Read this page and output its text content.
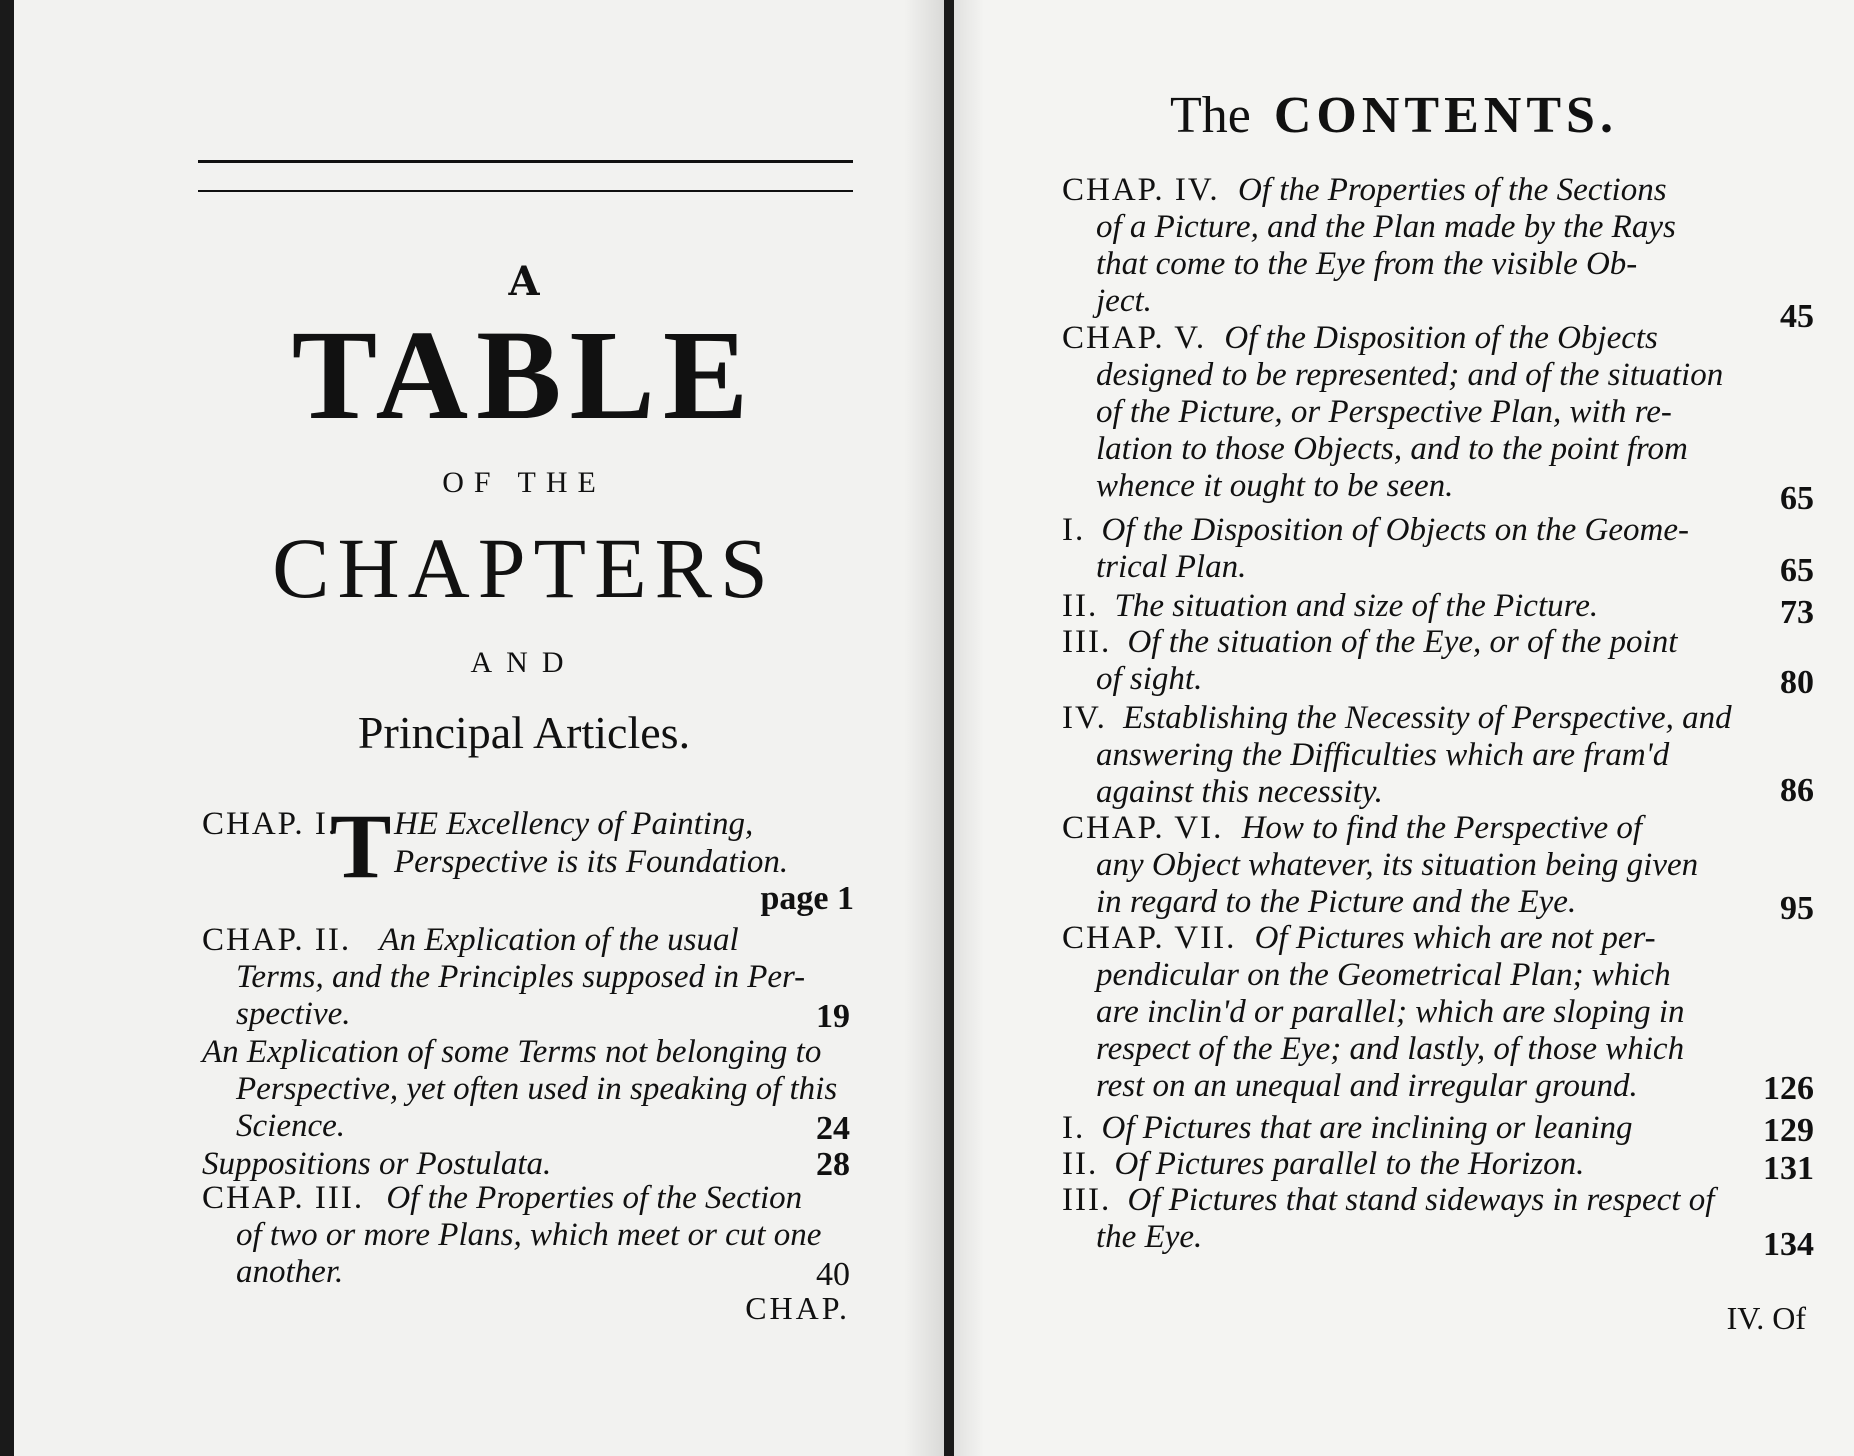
A
TABLE
OF THE
CHAPTERS
AND
Principal Articles.
CHAP. I.
T HE Excellency of Painting,
Perspective is its Foundation.
page 1
CHAP. II. An Explication of the usual
Terms, and the Principles supposed in Per-
spective.	19
An Explication of some Terms not belonging to
Perspective, yet often used in speaking of this
Science.	24
Suppositions or Postulata.	28
CHAP. III. Of the Properties of the Section
of two or more Plans, which meet or cut one
another.	40
CHAP.
The CONTENTS.
CHAP. IV. Of the Properties of the Sections
of a Picture, and the Plan made by the Rays
that come to the Eye from the visible Ob-
ject.	45
CHAP. V. Of the Disposition of the Objects
designed to be represented; and of the situation
of the Picture, or Perspective Plan, with re-
lation to those Objects, and to the point from
whence it ought to be seen.	65
I. Of the Disposition of Objects on the Geome-
trical Plan.	65
II. The situation and size of the Picture.	73
III. Of the situation of the Eye, or of the point
of sight.	80
IV. Establishing the Necessity of Perspective, and
answering the Difficulties which are fram'd
against this necessity.	86
CHAP. VI. How to find the Perspective of
any Object whatever, its situation being given
in regard to the Picture and the Eye.	95
CHAP. VII. Of Pictures which are not per-
pendicular on the Geometrical Plan; which
are inclin'd or parallel; which are sloping in
respect of the Eye; and lastly, of those which
rest on an unequal and irregular ground.	126
I. Of Pictures that are inclining or leaning	129
II. Of Pictures parallel to the Horizon.	131
III. Of Pictures that stand sideways in respect of
the Eye.	134
IV. Of
